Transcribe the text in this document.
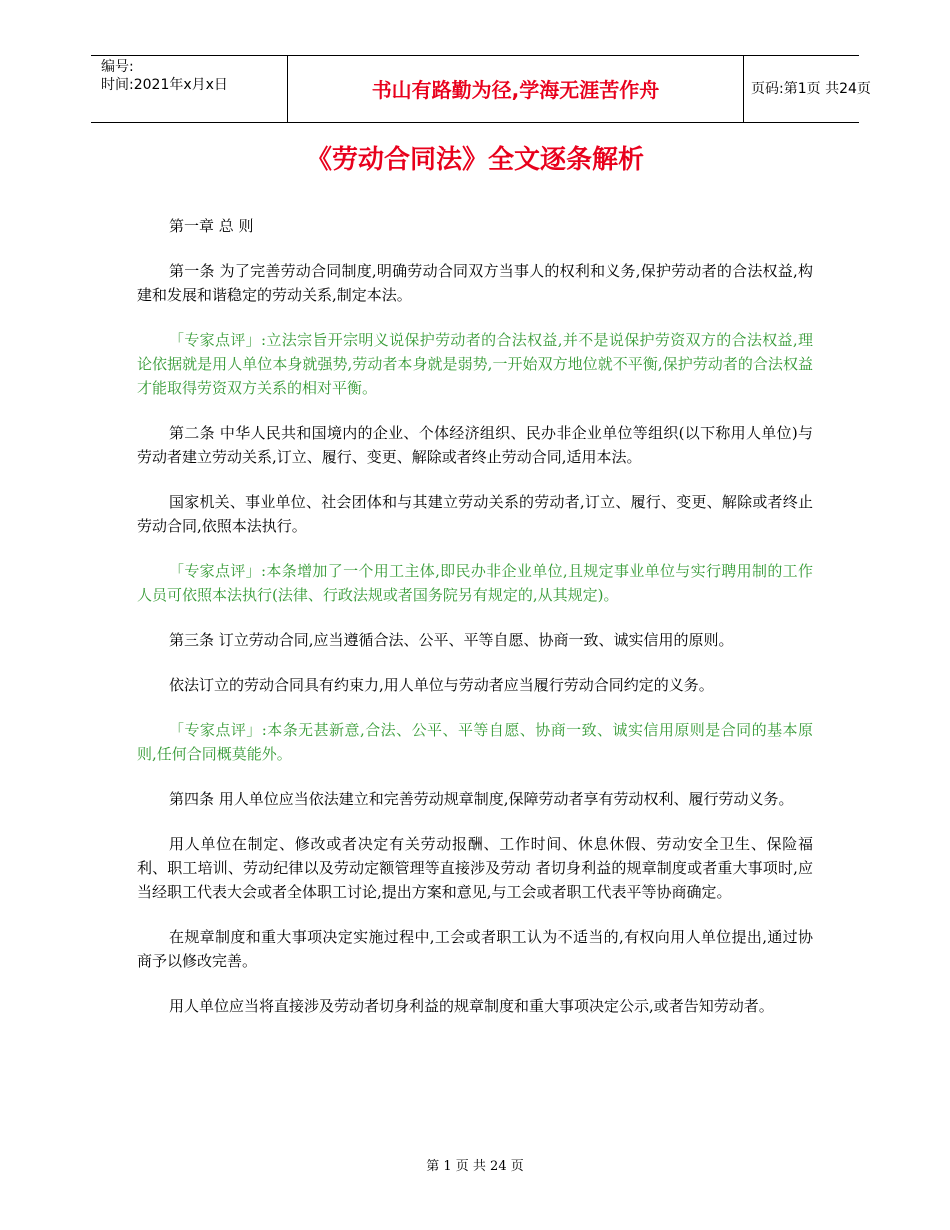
编号:
时间:2021年x月x日	书山有路勤为径,学海无涯苦作舟	页码:第1页 共24页
《劳动合同法》全文逐条解析

第一章 总 则

第一条 为了完善劳动合同制度,明确劳动合同双方当事人的权利和义务,保护劳动者的合法权益,构建和发展和谐稳定的劳动关系,制定本法。

「专家点评」:立法宗旨开宗明义说保护劳动者的合法权益,并不是说保护劳资双方的合法权益,理论依据就是用人单位本身就强势,劳动者本身就是弱势,一开始双方地位就不平衡,保护劳动者的合法权益才能取得劳资双方关系的相对平衡。

第二条 中华人民共和国境内的企业、个体经济组织、民办非企业单位等组织(以下称用人单位)与劳动者建立劳动关系,订立、履行、变更、解除或者终止劳动合同,适用本法。

国家机关、事业单位、社会团体和与其建立劳动关系的劳动者,订立、履行、变更、解除或者终止劳动合同,依照本法执行。

「专家点评」:本条增加了一个用工主体,即民办非企业单位,且规定事业单位与实行聘用制的工作人员可依照本法执行(法律、行政法规或者国务院另有规定的,从其规定)。

第三条 订立劳动合同,应当遵循合法、公平、平等自愿、协商一致、诚实信用的原则。

依法订立的劳动合同具有约束力,用人单位与劳动者应当履行劳动合同约定的义务。

「专家点评」:本条无甚新意,合法、公平、平等自愿、协商一致、诚实信用原则是合同的基本原则,任何合同概莫能外。

第四条 用人单位应当依法建立和完善劳动规章制度,保障劳动者享有劳动权利、履行劳动义务。

用人单位在制定、修改或者决定有关劳动报酬、工作时间、休息休假、劳动安全卫生、保险福利、职工培训、劳动纪律以及劳动定额管理等直接涉及劳动 者切身利益的规章制度或者重大事项时,应当经职工代表大会或者全体职工讨论,提出方案和意见,与工会或者职工代表平等协商确定。

在规章制度和重大事项决定实施过程中,工会或者职工认为不适当的,有权向用人单位提出,通过协商予以修改完善。

用人单位应当将直接涉及劳动者切身利益的规章制度和重大事项决定公示,或者告知劳动者。

第 1 页 共 24 页
